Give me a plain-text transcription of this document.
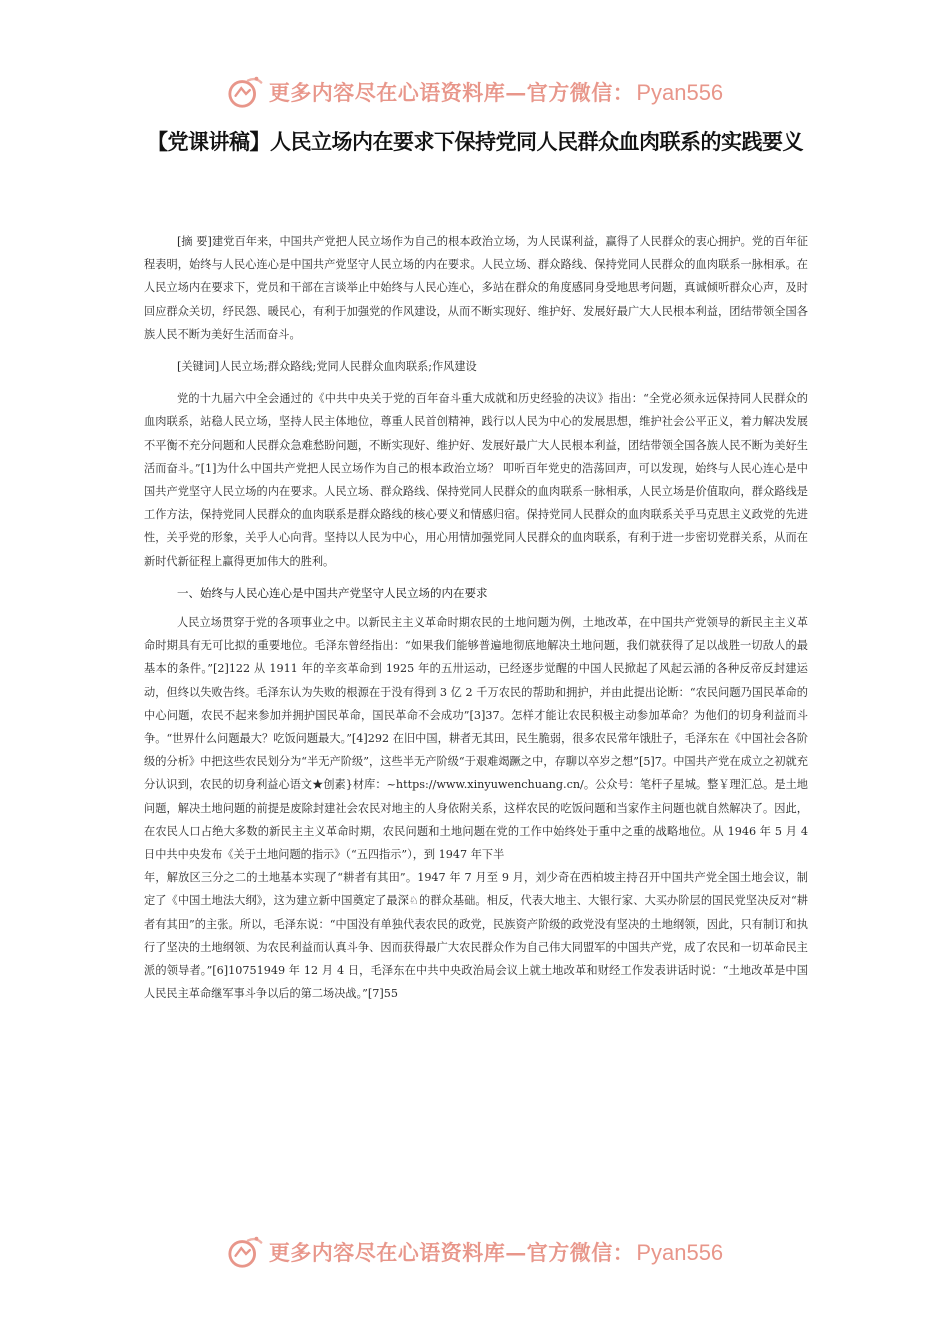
更多内容尽在心语资料库—官方微信：Pyan556
【党课讲稿】人民立场内在要求下保持党同人民群众血肉联系的实践要义

[摘 要]建党百年来，中国共产党把人民立场作为自己的根本政治立场，为人民谋利益，赢得了人民群众的衷心拥护。党的百年征程表明，始终与人民心连心是中国共产党坚守人民立场的内在要求。人民立场、群众路线、保持党同人民群众的血肉联系一脉相承。在人民立场内在要求下，党员和干部在言谈举止中始终与人民心连心，多站在群众的角度感同身受地思考问题，真诚倾听群众心声，及时回应群众关切，纾民怨、暖民心，有利于加强党的作风建设，从而不断实现好、维护好、发展好最广大人民根本利益，团结带领全国各族人民不断为美好生活而奋斗。

[关键词]人民立场;群众路线;党同人民群众血肉联系;作风建设

党的十九届六中全会通过的《中共中央关于党的百年奋斗重大成就和历史经验的决议》指出：“全党必须永远保持同人民群众的血肉联系，站稳人民立场，坚持人民主体地位，尊重人民首创精神，践行以人民为中心的发展思想，维护社会公平正义，着力解决发展不平衡不充分问题和人民群众急难愁盼问题，不断实现好、维护好、发展好最广大人民根本利益，团结带领全国各族人民不断为美好生活而奋斗。”[1]为什么中国共产党把人民立场作为自己的根本政治立场？ 叩听百年党史的浩荡回声，可以发现，始终与人民心连心是中国共产党坚守人民立场的内在要求。人民立场、群众路线、保持党同人民群众的血肉联系一脉相承，人民立场是价值取向，群众路线是工作方法，保持党同人民群众的血肉联系是群众路线的核心要义和情感归宿。保持党同人民群众的血肉联系关乎马克思主义政党的先进性，关乎党的形象，关乎人心向背。坚持以人民为中心，用心用情加强党同人民群众的血肉联系，有利于进一步密切党群关系，从而在新时代新征程上赢得更加伟大的胜利。

一、始终与人民心连心是中国共产党坚守人民立场的内在要求

人民立场贯穿于党的各项事业之中。以新民主主义革命时期农民的土地问题为例，土地改革，在中国共产党领导的新民主主义革命时期具有无可比拟的重要地位。毛泽东曾经指出：“如果我们能够普遍地彻底地解决土地问题，我们就获得了足以战胜一切敌人的最基本的条件。”[2]122 从 1911 年的辛亥革命到 1925 年的五卅运动，已经逐步觉醒的中国人民掀起了风起云涌的各种反帝反封建运动，但终以失败告终。毛泽东认为失败的根源在于没有得到 3 亿 2 千万农民的帮助和拥护，并由此提出论断：“农民问题乃国民革命的中心问题，农民不起来参加并拥护国民革命，国民革命不会成功”[3]37。怎样才能让农民积极主动参加革命？为他们的切身利益而斗争。“世界什么问题最大？吃饭问题最大。”[4]292 在旧中国，耕者无其田，民生脆弱，很多农民常年饿肚子，毛泽东在《中国社会各阶级的分析》中把这些农民划分为“半无产阶级”，这些半无产阶级“于艰难竭蹶之中，存聊以卒岁之想”[5]7。中国共产党在成立之初就充分认识到，农民的切身利益心语文★创素}材库：~https://www.xinyuwenchuang.cn/。公众号：笔杆子星城。整￥理汇总。是土地问题，解决土地问题的前提是废除封建社会农民对地主的人身依附关系，这样农民的吃饭问题和当家作主问题也就自然解决了。因此，在农民人口占绝大多数的新民主主义革命时期，农民问题和土地问题在党的工作中始终处于重中之重的战略地位。从 1946 年 5 月 4 日中共中央发布《关于土地问题的指示》（“五四指示”），到 1947 年下半

年，解放区三分之二的土地基本实现了“耕者有其田”。1947 年 7 月至 9 月，刘少奇在西柏坡主持召开中国共产党全国土地会议，制定了《中国土地法大纲》，这为建立新中国奠定了最深♘的群众基础。相反，代表大地主、大银行家、大买办阶层的国民党坚决反对“耕者有其田”的主张。所以，毛泽东说：“中国没有单独代表农民的政党，民族资产阶级的政党没有坚决的土地纲领，因此，只有制订和执行了坚决的土地纲领、为农民利益而认真斗争、因而获得最广大农民群众作为自己伟大同盟军的中国共产党，成了农民和一切革命民主派的领导者。”[6]10751949 年 12 月 4 日，毛泽东在中共中央政治局会议上就土地改革和财经工作发表讲话时说：“土地改革是中国人民民主革命继军事斗争以后的第二场决战。”[7]55

更多内容尽在心语资料库—官方微信：Pyan556
